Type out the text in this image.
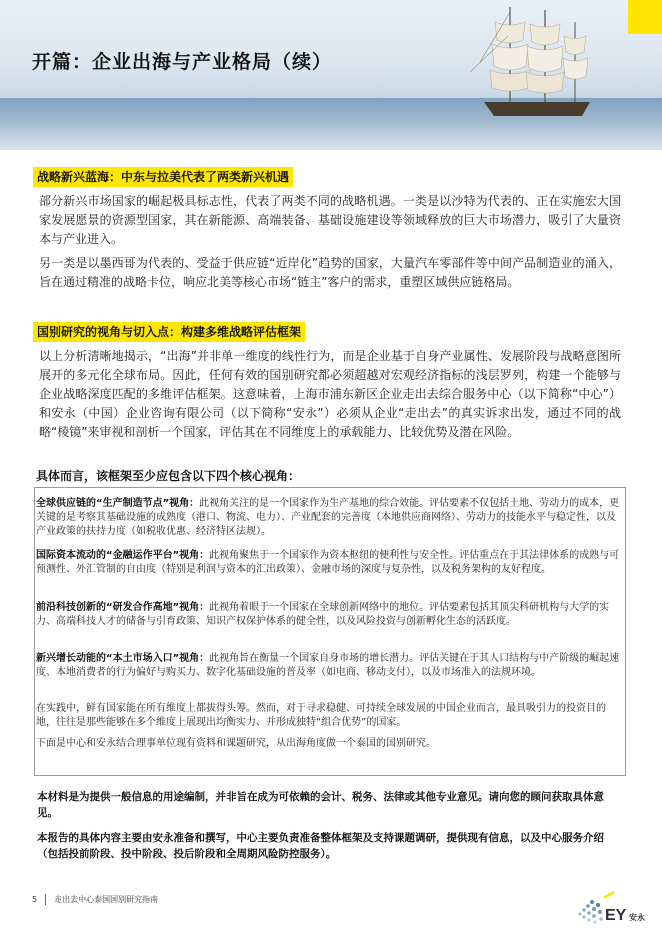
开篇：企业出海与产业格局（续）
战略新兴蓝海：中东与拉美代表了两类新兴机遇

部分新兴市场国家的崛起极具标志性，代表了两类不同的战略机遇。一类是以沙特为代表的、正在实施宏大国家发展愿景的资源型国家，其在新能源、高端装备、基础设施建设等领域释放的巨大市场潜力，吸引了大量资本与产业进入。

另一类是以墨西哥为代表的、受益于供应链“近岸化”趋势的国家，大量汽车零部件等中间产品制造业的涌入， 旨在通过精准的战略卡位，响应北美等核心市场“链主”客户的需求，重塑区域供应链格局。

国别研究的视角与切入点：构建多维战略评估框架

以上分析清晰地揭示，“出海”并非单一维度的线性行为，而是企业基于自身产业属性、发展阶段与战略意图所展开的多元化全球布局。因此，任何有效的国别研究都必须超越对宏观经济指标的浅层罗列，构建一个能够与企业战略深度匹配的多维评估框架。这意味着，上海市浦东新区企业走出去综合服务中心（以下简称“中心”）和安永（中国）企业咨询有限公司（以下简称“安永”）必须从企业“走出去”的真实诉求出发，通过不同的战略“棱镜”来审视和剖析一个国家，评估其在不同维度上的承载能力、比较优势及潜在风险。

具体而言，该框架至少应包含以下四个核心视角：

全球供应链的“生产制造节点”视角：此视角关注的是一个国家作为生产基地的综合效能。评估要素不仅包括土地、劳动力的成本，更关键的是考察其基础设施的成熟度（港口、物流、电力）、产业配套的完善度（本地供应商网络）、劳动力的技能水平与稳定性，以及产业政策的扶持力度（如税收优惠、经济特区法规）。

国际资本流动的“金融运作平台”视角：此视角聚焦于一个国家作为资本枢纽的便利性与安全性。评估重点在于其法律体系的成熟与可预测性、外汇管制的自由度（特别是利润与资本的汇出政策）、金融市场的深度与复杂性，以及税务架构的友好程度。

前沿科技创新的“研发合作高地”视角：此视角着眼于一个国家在全球创新网络中的地位。评估要素包括其顶尖科研机构与大学的实力、高端科技人才的储备与引育政策、知识产权保护体系的健全性，以及风险投资与创新孵化生态的活跃度。

新兴增长动能的“本土市场入口”视角：此视角旨在衡量一个国家自身市场的增长潜力。评估关键在于其人口结构与中产阶级的崛起速度、本地消费者的行为偏好与购买力、数字化基础设施的普及率（如电商、移动支付），以及市场准入的法规环境。

在实践中，鲜有国家能在所有维度上都拔得头筹。然而，对于寻求稳健、可持续全球发展的中国企业而言，最具吸引力的投资目的地，往往是那些能够在多个维度上展现出均衡实力、并形成独特“组合优势”的国家。

下面是中心和安永结合理事单位现有资料和课题研究，从出海角度做一个泰国的国别研究。

本材料是为提供一般信息的用途编制，并非旨在成为可依赖的会计、税务、法律或其他专业意见。请向您的顾问获取具体意见。

本报告的具体内容主要由安永准备和撰写，中心主要负责准备整体框架及支持课题调研，提供现有信息，以及中心服务介绍（包括投前阶段、投中阶段、投后阶段和全周期风险防控服务）。

5 走出去中心泰国国别研究指南
EY 安永
